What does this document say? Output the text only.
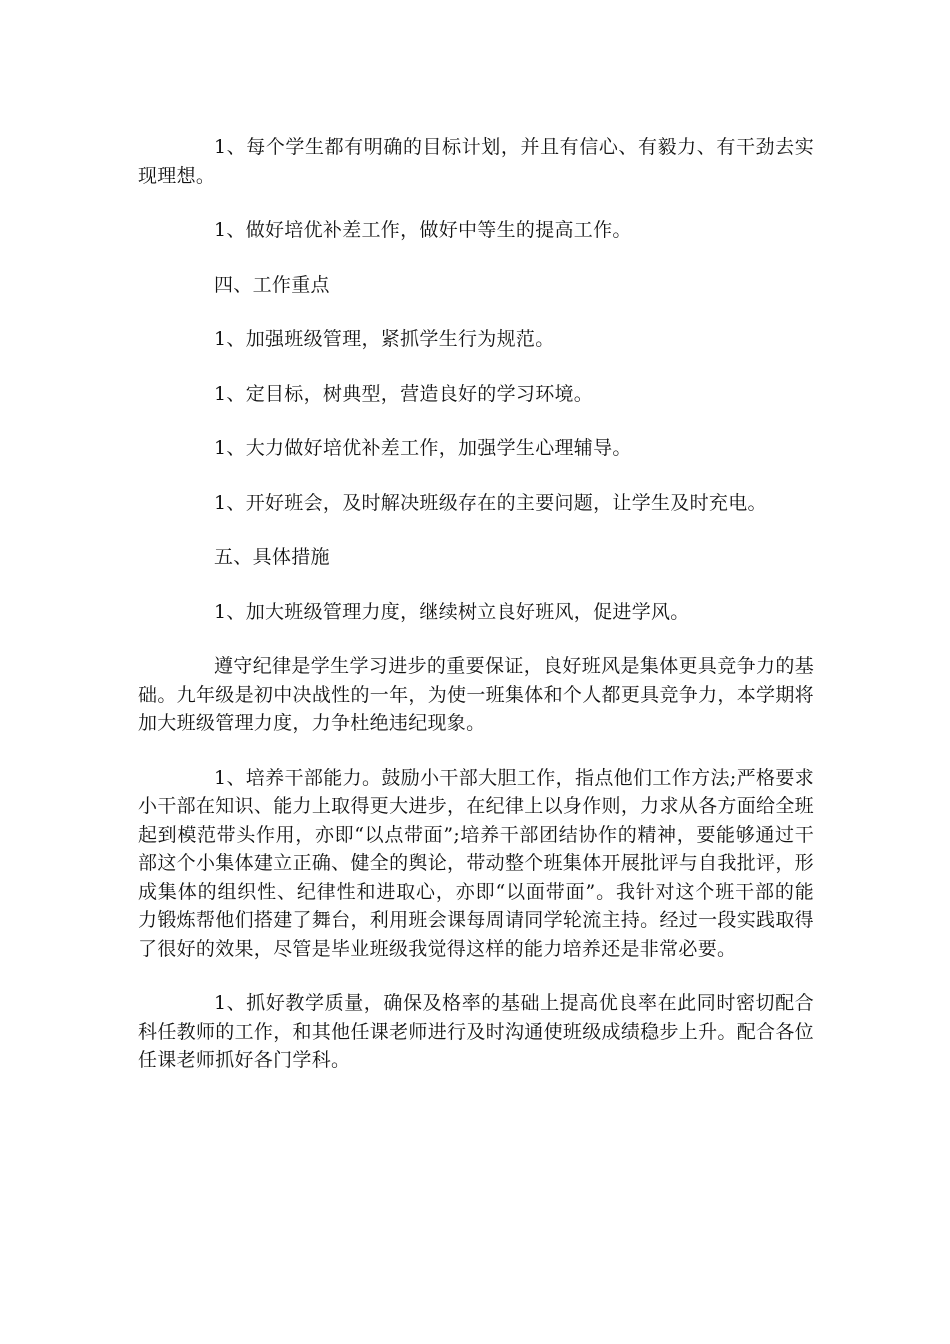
1、每个学生都有明确的目标计划，并且有信心、有毅力、有干劲去实现理想。

1、做好培优补差工作，做好中等生的提高工作。

四、工作重点

1、加强班级管理，紧抓学生行为规范。

1、定目标，树典型，营造良好的学习环境。

1、大力做好培优补差工作，加强学生心理辅导。

1、开好班会，及时解决班级存在的主要问题，让学生及时充电。

五、具体措施

1、加大班级管理力度，继续树立良好班风，促进学风。

遵守纪律是学生学习进步的重要保证，良好班风是集体更具竞争力的基础。九年级是初中决战性的一年，为使一班集体和个人都更具竞争力，本学期将加大班级管理力度，力争杜绝违纪现象。

1、培养干部能力。鼓励小干部大胆工作，指点他们工作方法;严格要求小干部在知识、能力上取得更大进步，在纪律上以身作则，力求从各方面给全班起到模范带头作用，亦即“以点带面”;培养干部团结协作的精神，要能够通过干部这个小集体建立正确、健全的舆论，带动整个班集体开展批评与自我批评，形成集体的组织性、纪律性和进取心，亦即“以面带面”。我针对这个班干部的能力锻炼帮他们搭建了舞台，利用班会课每周请同学轮流主持。经过一段实践取得了很好的效果，尽管是毕业班级我觉得这样的能力培养还是非常必要。

1、抓好教学质量，确保及格率的基础上提高优良率在此同时密切配合科任教师的工作，和其他任课老师进行及时沟通使班级成绩稳步上升。配合各位任课老师抓好各门学科。
